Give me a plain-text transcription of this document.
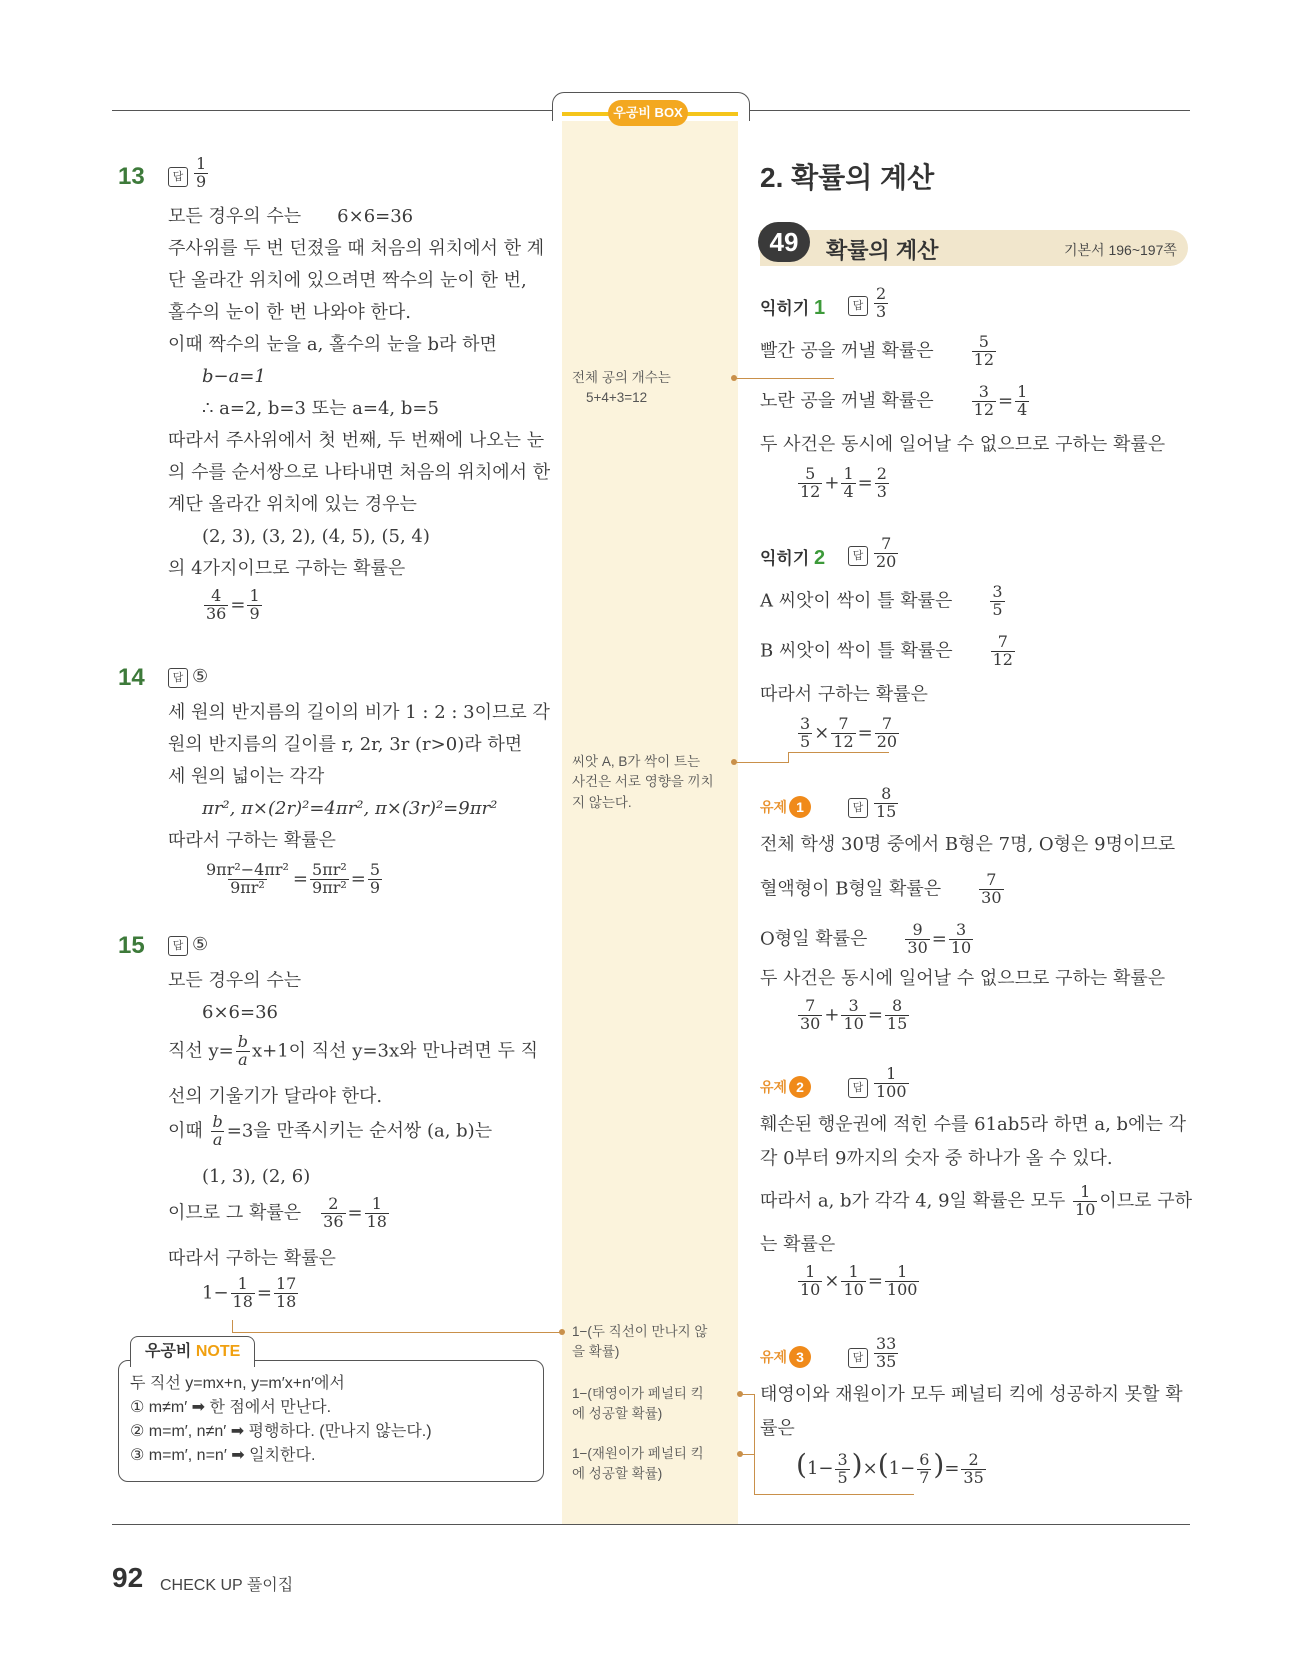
우공비 BOX
13	답 $\frac{1}{9}$
모든 경우의 수는　　6×6=36
주사위를 두 번 던졌을 때 처음의 위치에서 한 계
단 올라간 위치에 있으려면 짝수의 눈이 한 번,
홀수의 눈이 한 번 나와야 한다.
이때 짝수의 눈을 a, 홀수의 눈을 b라 하면
b−a=1
∴ a=2, b=3 또는 a=4, b=5
따라서 주사위에서 첫 번째, 두 번째에 나오는 눈
의 수를 순서쌍으로 나타내면 처음의 위치에서 한
계단 올라간 위치에 있는 경우는
(2, 3), (3, 2), (4, 5), (5, 4)
의 4가지이므로 구하는 확률은
$\frac{4}{36} = \frac{1}{9}$
14	답 ⑤
세 원의 반지름의 길이의 비가 1 : 2 : 3이므로 각
원의 반지름의 길이를 r, 2r, 3r (r>0)라 하면
세 원의 넓이는 각각
πr², π×(2r)²=4πr², π×(3r)²=9πr²
따라서 구하는 확률은
$\frac{\text{9πr²−4πr²}}{\text{9πr²}} = \frac{\text{5πr²}}{\text{9πr²}} = \frac{5}{9}$
15	답 ⑤
모든 경우의 수는
6×6=36
직선 $y= \frac{b}{a} x+1$이 직선 y=3x와 만나려면 두 직
선의 기울기가 달라야 한다.
이때 $\frac{b}{a} =3$을 만족시키는 순서쌍 (a, b)는
(1, 3), (2, 6)
이므로 그 확률은　 $\frac{2}{36} = \frac{1}{18}$
따라서 구하는 확률은
$1- \frac{1}{18} = \frac{17}{18}$
우공비 NOTE
두 직선 y=mx+n, y=m′x+n′에서
① m≠m′ ➡ 한 점에서 만난다.
② m=m′, n≠n′ ➡ 평행하다. (만나지 않는다.)
③ m=m′, n=n′ ➡ 일치한다.
전체 공의 개수는
5+4+3=12
씨앗 A, B가 싹이 트는
사건은 서로 영향을 끼치
지 않는다.
1−(두 직선이 만나지 않
을 확률)
1−(태영이가 페널티 킥
에 성공할 확률)
1−(재원이가 페널티 킥
에 성공할 확률)
2. 확률의 계산
49	확률의 계산	기본서 196~197쪽
익히기 1	답 $\frac{2}{3}$
빨간 공을 꺼낼 확률은　　 $\frac{5}{12}$
노란 공을 꺼낼 확률은　　 $\frac{3}{12} = \frac{1}{4}$
두 사건은 동시에 일어날 수 없으므로 구하는 확률은
$\frac{5}{12} + \frac{1}{4} = \frac{2}{3}$
익히기 2	답 $\frac{7}{20}$
A 씨앗이 싹이 틀 확률은　　 $\frac{3}{5}$
B 씨앗이 싹이 틀 확률은　　 $\frac{7}{12}$
따라서 구하는 확률은
$\frac{3}{5} \times \frac{7}{12} = \frac{7}{20}$
유제 1	답 $\frac{8}{15}$
전체 학생 30명 중에서 B형은 7명, O형은 9명이므로
혈액형이 B형일 확률은　　 $\frac{7}{30}$
O형일 확률은　　 $\frac{9}{30} = \frac{3}{10}$
두 사건은 동시에 일어날 수 없으므로 구하는 확률은
$\frac{7}{30} + \frac{3}{10} = \frac{8}{15}$
유제 2	답 $\frac{1}{100}$
훼손된 행운권에 적힌 수를 61ab5라 하면 a, b에는 각
각 0부터 9까지의 숫자 중 하나가 올 수 있다.
따라서 a, b가 각각 4, 9일 확률은 모두 $\frac{1}{10}$ 이므로 구하
는 확률은
$\frac{1}{10} \times \frac{1}{10} = \frac{1}{100}$
유제 3	답 $\frac{33}{35}$
태영이와 재원이가 모두 페널티 킥에 성공하지 못할 확
률은
$(1- \frac{3}{5} )\times(1- \frac{6}{7}$ )= $\frac{2}{35}$
92 CHECK UP 풀이집
